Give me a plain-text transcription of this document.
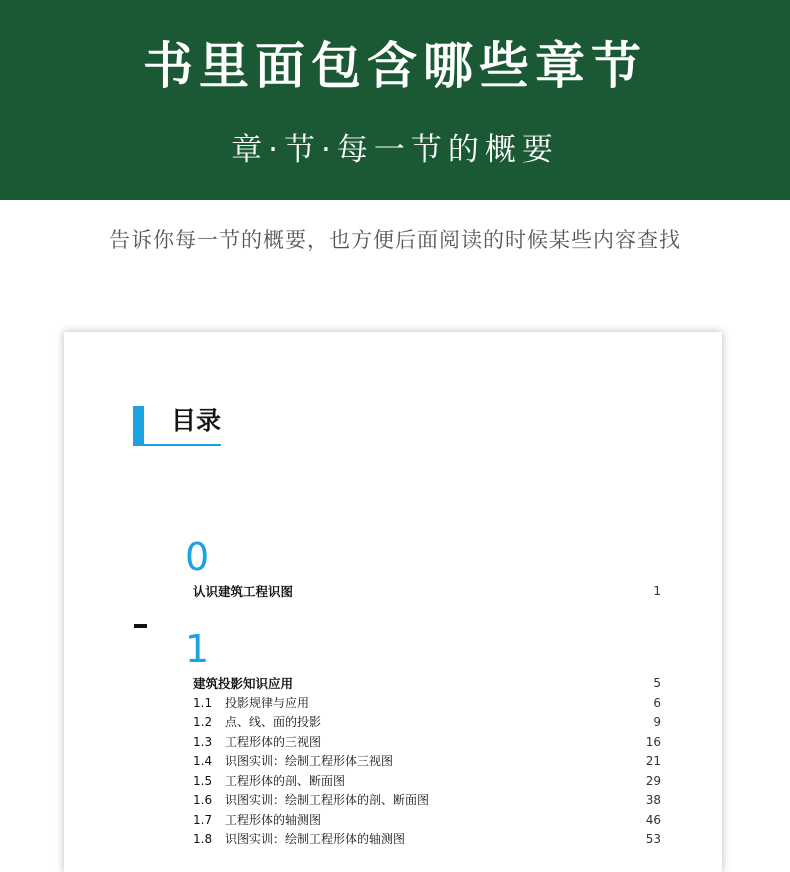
书里面包含哪些章节
章·节·每一节的概要
告诉你每一节的概要，也方便后面阅读的时候某些内容查找
目录
0
认识建筑工程识图	1
1
建筑投影知识应用	5
1.1 投影规律与应用	6
1.2 点、线、面的投影	9
1.3 工程形体的三视图	16
1.4 识图实训：绘制工程形体三视图	21
1.5 工程形体的剖、断面图	29
1.6 识图实训：绘制工程形体的剖、断面图	38
1.7 工程形体的轴测图	46
1.8 识图实训：绘制工程形体的轴测图	53
